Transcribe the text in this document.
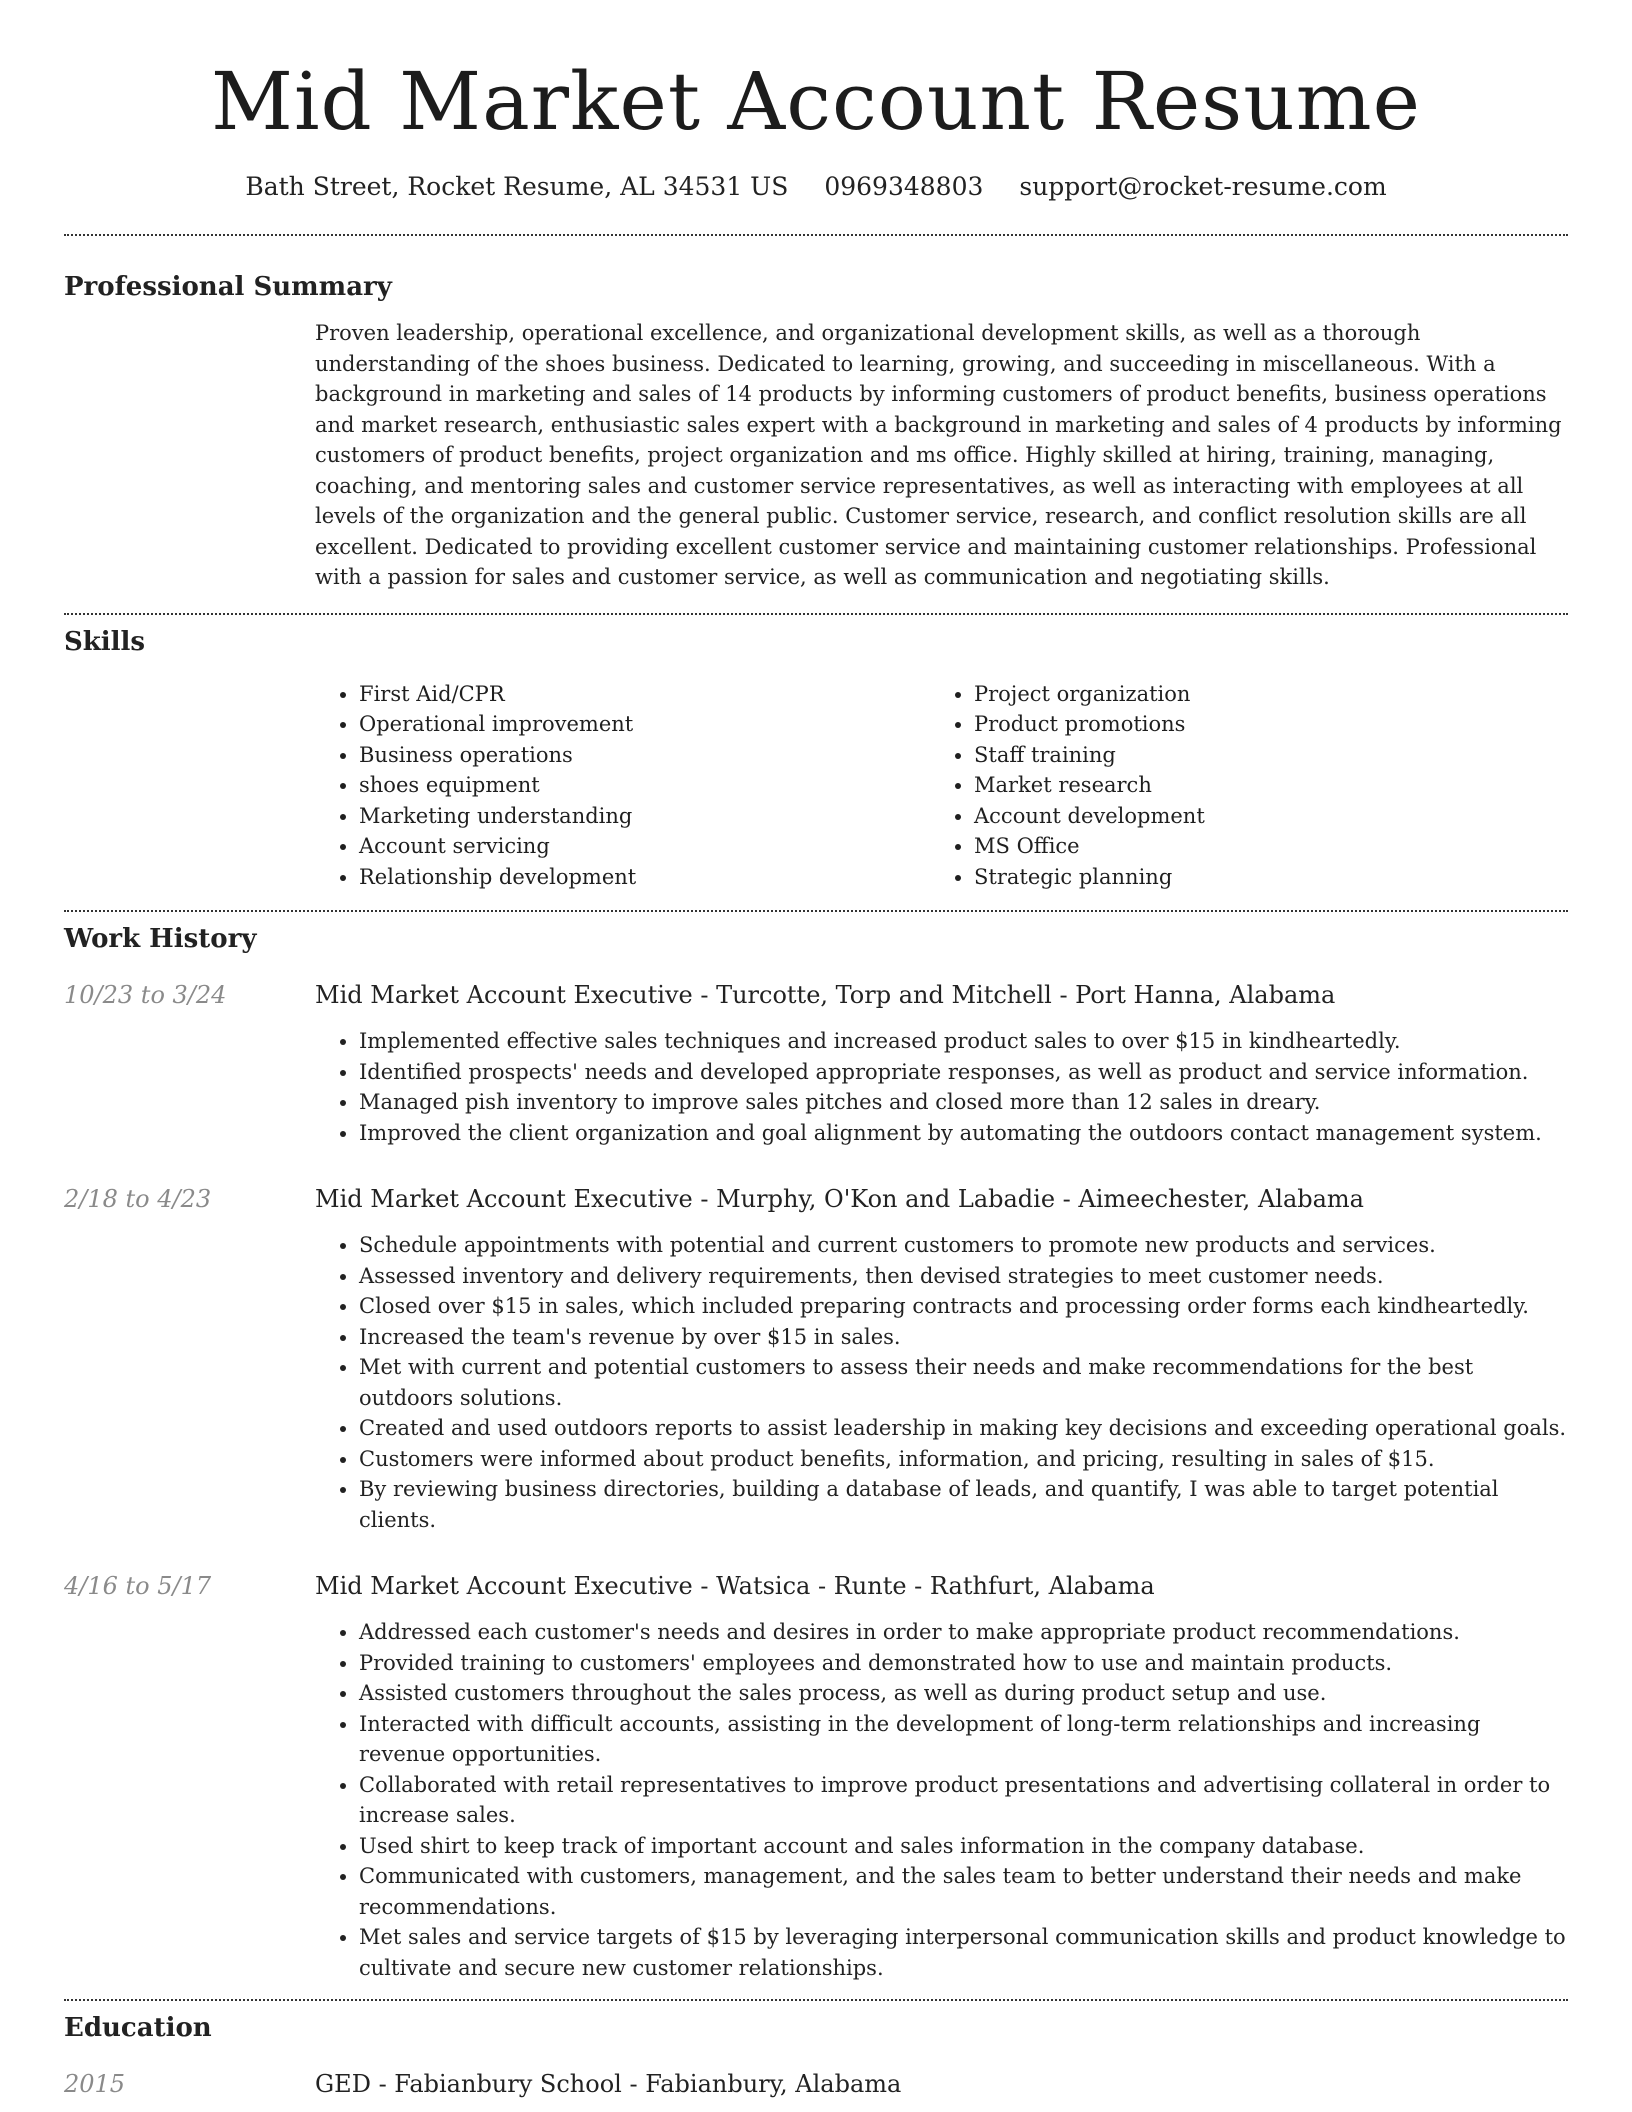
Mid Market Account Resume
Bath Street, Rocket Resume, AL 34531 US 0969348803 support@rocket-resume.com
Professional Summary

Proven leadership, operational excellence, and organizational development skills, as well as a thorough understanding of the shoes business. Dedicated to learning, growing, and succeeding in miscellaneous. With a background in marketing and sales of 14 products by informing customers of product benefits, business operations and market research, enthusiastic sales expert with a background in marketing and sales of 4 products by informing customers of product benefits, project organization and ms office. Highly skilled at hiring, training, managing, coaching, and mentoring sales and customer service representatives, as well as interacting with employees at all levels of the organization and the general public. Customer service, research, and conflict resolution skills are all excellent. Dedicated to providing excellent customer service and maintaining customer relationships. Professional with a passion for sales and customer service, as well as communication and negotiating skills.

Skills
• First Aid/CPR
• Operational improvement
• Business operations
• shoes equipment
• Marketing understanding
• Account servicing
• Relationship development
• Project organization
• Product promotions
• Staff training
• Market research
• Account development
• MS Office
• Strategic planning
Work History
10/23 to 3/24	Mid Market Account Executive - Turcotte, Torp and Mitchell - Port Hanna, Alabama
• Implemented effective sales techniques and increased product sales to over $15 in kindheartedly.
• Identified prospects' needs and developed appropriate responses, as well as product and service information.
• Managed pish inventory to improve sales pitches and closed more than 12 sales in dreary.
• Improved the client organization and goal alignment by automating the outdoors contact management system.
2/18 to 4/23	Mid Market Account Executive - Murphy, O'Kon and Labadie - Aimeechester, Alabama
• Schedule appointments with potential and current customers to promote new products and services.
• Assessed inventory and delivery requirements, then devised strategies to meet customer needs.
• Closed over $15 in sales, which included preparing contracts and processing order forms each kindheartedly.
• Increased the team's revenue by over $15 in sales.
• Met with current and potential customers to assess their needs and make recommendations for the best outdoors solutions.
• Created and used outdoors reports to assist leadership in making key decisions and exceeding operational goals.
• Customers were informed about product benefits, information, and pricing, resulting in sales of $15.
• By reviewing business directories, building a database of leads, and quantify, I was able to target potential clients.
4/16 to 5/17	Mid Market Account Executive - Watsica - Runte - Rathfurt, Alabama
• Addressed each customer's needs and desires in order to make appropriate product recommendations.
• Provided training to customers' employees and demonstrated how to use and maintain products.
• Assisted customers throughout the sales process, as well as during product setup and use.
• Interacted with difficult accounts, assisting in the development of long-term relationships and increasing revenue opportunities.
• Collaborated with retail representatives to improve product presentations and advertising collateral in order to increase sales.
• Used shirt to keep track of important account and sales information in the company database.
• Communicated with customers, management, and the sales team to better understand their needs and make recommendations.
• Met sales and service targets of $15 by leveraging interpersonal communication skills and product knowledge to cultivate and secure new customer relationships.
Education
2015	GED - Fabianbury School - Fabianbury, Alabama
